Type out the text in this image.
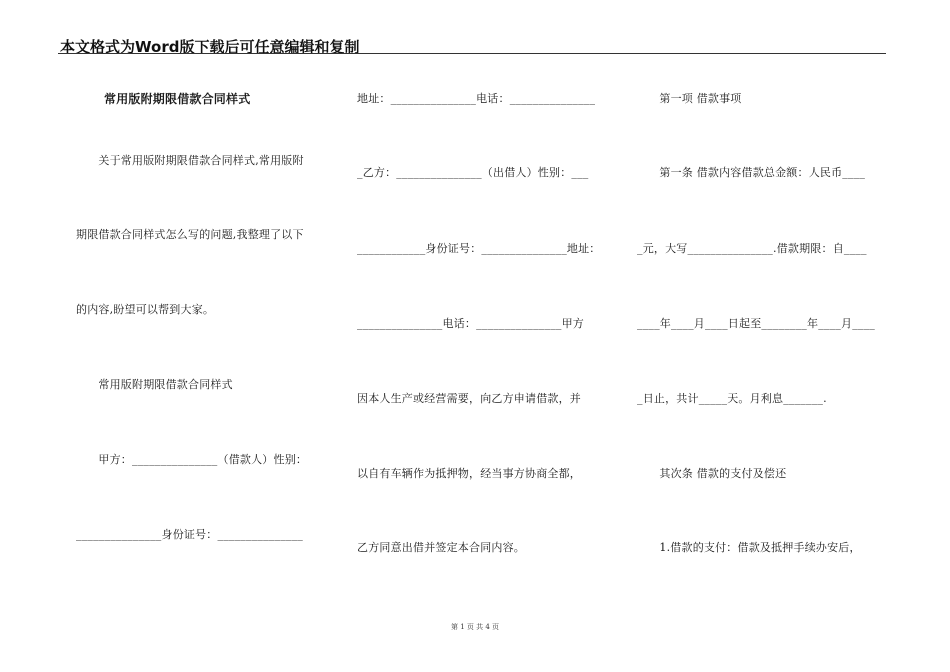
本文格式为Word版下载后可任意编辑和复制
常用版附期限借款合同样式
　　关于常用版附期限借款合同样式,常用版附
期限借款合同样式怎么写的问题,我整理了以下
的内容,盼望可以帮到大家。
　　常用版附期限借款合同样式
　　甲方：_______________（借款人）性别：
_______________身份证号：_______________
地址：_______________电话：_______________
_乙方：_______________（出借人）性别：___
____________身份证号：_______________地址：
_______________电话：_______________甲方
因本人生产或经营需要，向乙方申请借款，并
以自有车辆作为抵押物，经当事方协商全都，
乙方同意出借并签定本合同内容。
　　第一项 借款事项
　　第一条 借款内容借款总金额：人民币____
_元，大写_______________.借款期限：自____
____年____月____日起至________年____月____
_日止，共计_____天。月利息_______.
　　其次条 借款的支付及偿还
　　1.借款的支付：借款及抵押手续办安后，
第 1 页 共 4 页
